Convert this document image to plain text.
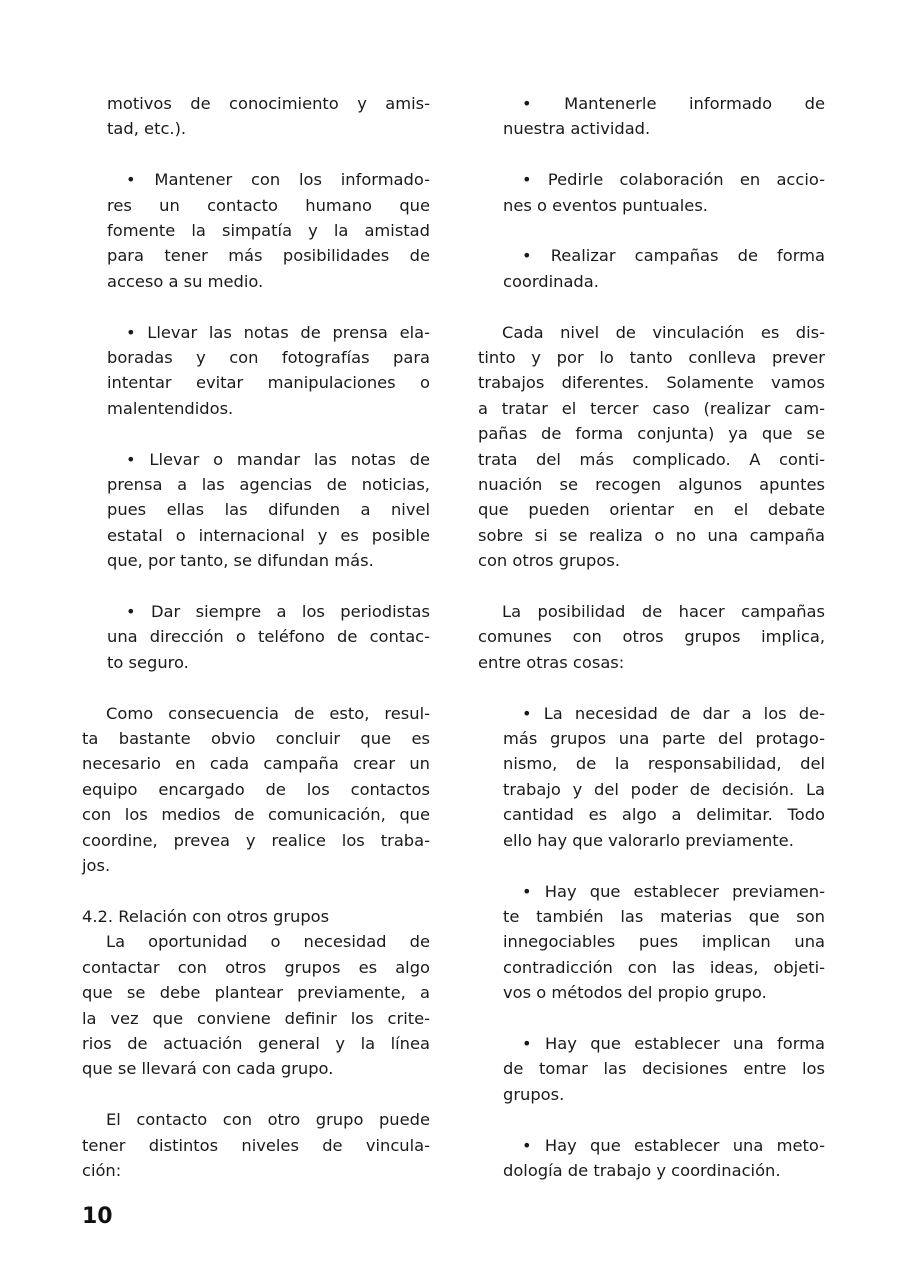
motivos de conocimiento y amis-
tad, etc.).
• Mantener con los informado-
res un contacto humano que
fomente la simpatía y la amistad
para tener más posibilidades de
acceso a su medio.
• Llevar las notas de prensa ela-
boradas y con fotografías para
intentar evitar manipulaciones o
malentendidos.
• Llevar o mandar las notas de
prensa a las agencias de noticias,
pues ellas las difunden a nivel
estatal o internacional y es posible
que, por tanto, se difundan más.
• Dar siempre a los periodistas
una dirección o teléfono de contac-
to seguro.
Como consecuencia de esto, resul-
ta bastante obvio concluir que es
necesario en cada campaña crear un
equipo encargado de los contactos
con los medios de comunicación, que
coordine, prevea y realice los traba-
jos.
4.2. Relación con otros grupos
La oportunidad o necesidad de
contactar con otros grupos es algo
que se debe plantear previamente, a
la vez que conviene definir los crite-
rios de actuación general y la línea
que se llevará con cada grupo.
El contacto con otro grupo puede
tener distintos niveles de vincula-
ción:
• Mantenerle informado de
nuestra actividad.
• Pedirle colaboración en accio-
nes o eventos puntuales.
• Realizar campañas de forma
coordinada.
Cada nivel de vinculación es dis-
tinto y por lo tanto conlleva prever
trabajos diferentes. Solamente vamos
a tratar el tercer caso (realizar cam-
pañas de forma conjunta) ya que se
trata del más complicado. A conti-
nuación se recogen algunos apuntes
que pueden orientar en el debate
sobre si se realiza o no una campaña
con otros grupos.
La posibilidad de hacer campañas
comunes con otros grupos implica,
entre otras cosas:
• La necesidad de dar a los de-
más grupos una parte del protago-
nismo, de la responsabilidad, del
trabajo y del poder de decisión. La
cantidad es algo a delimitar. Todo
ello hay que valorarlo previamente.
• Hay que establecer previamen-
te también las materias que son
innegociables pues implican una
contradicción con las ideas, objeti-
vos o métodos del propio grupo.
• Hay que establecer una forma
de tomar las decisiones entre los
grupos.
• Hay que establecer una meto-
dología de trabajo y coordinación.
10
